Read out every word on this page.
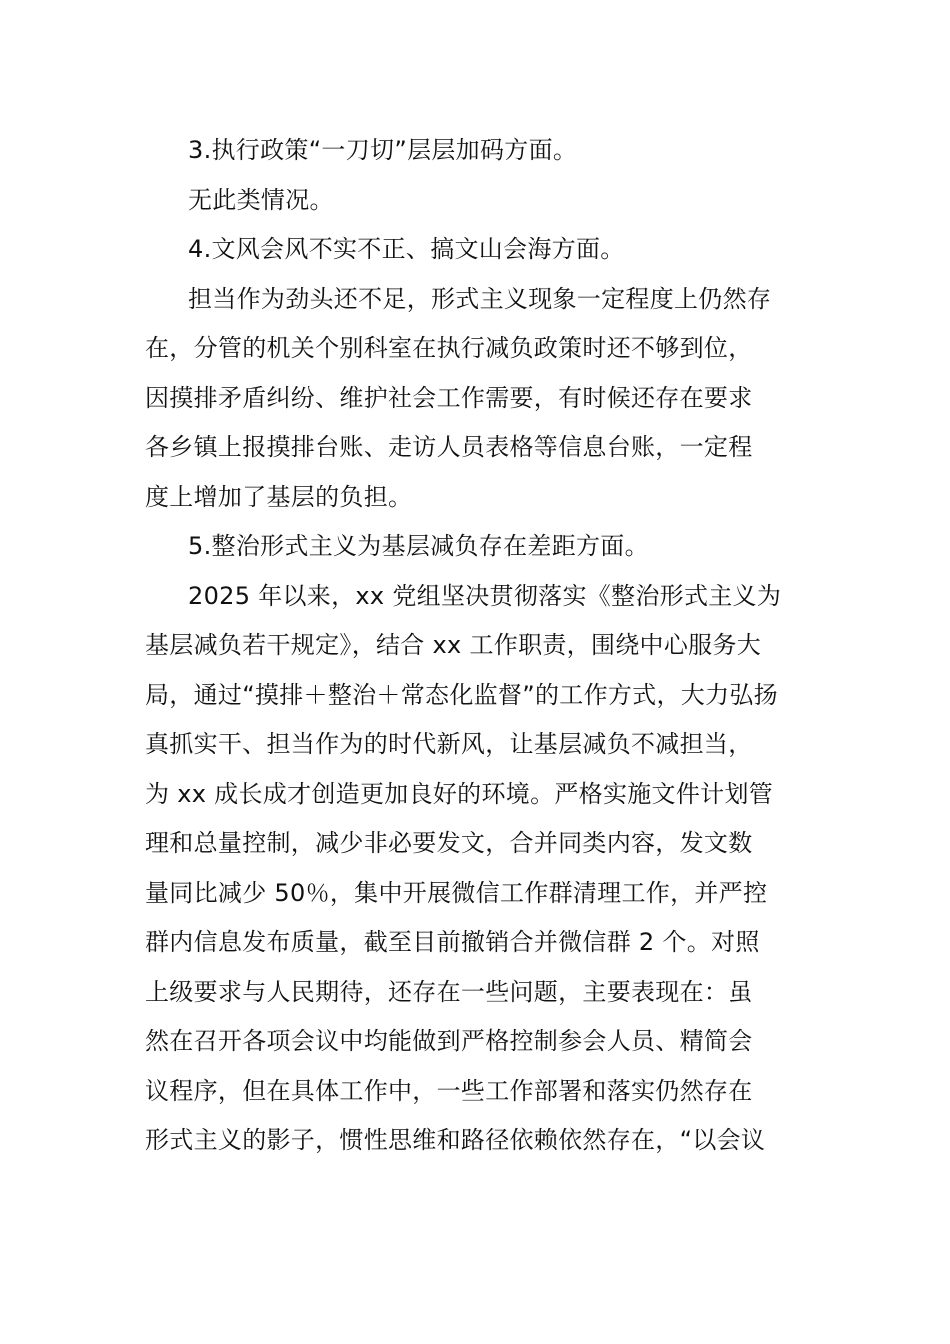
3.执行政策“一刀切”层层加码方面。

无此类情况。

4.文风会风不实不正、搞文山会海方面。

担当作为劲头还不足，形式主义现象一定程度上仍然存
在，分管的机关个别科室在执行减负政策时还不够到位，
因摸排矛盾纠纷、维护社会工作需要，有时候还存在要求
各乡镇上报摸排台账、走访人员表格等信息台账，一定程
度上增加了基层的负担。

5.整治形式主义为基层减负存在差距方面。

2025 年以来，xx 党组坚决贯彻落实《整治形式主义为
基层减负若干规定》，结合 xx 工作职责，围绕中心服务大
局，通过“摸排＋整治＋常态化监督”的工作方式，大力弘扬
真抓实干、担当作为的时代新风，让基层减负不减担当，
为 xx 成长成才创造更加良好的环境。严格实施文件计划管
理和总量控制，减少非必要发文，合并同类内容，发文数
量同比减少 50％，集中开展微信工作群清理工作，并严控
群内信息发布质量，截至目前撤销合并微信群 2 个。对照
上级要求与人民期待，还存在一些问题，主要表现在：虽
然在召开各项会议中均能做到严格控制参会人员、精简会
议程序，但在具体工作中，一些工作部署和落实仍然存在
形式主义的影子，惯性思维和路径依赖依然存在，“以会议
